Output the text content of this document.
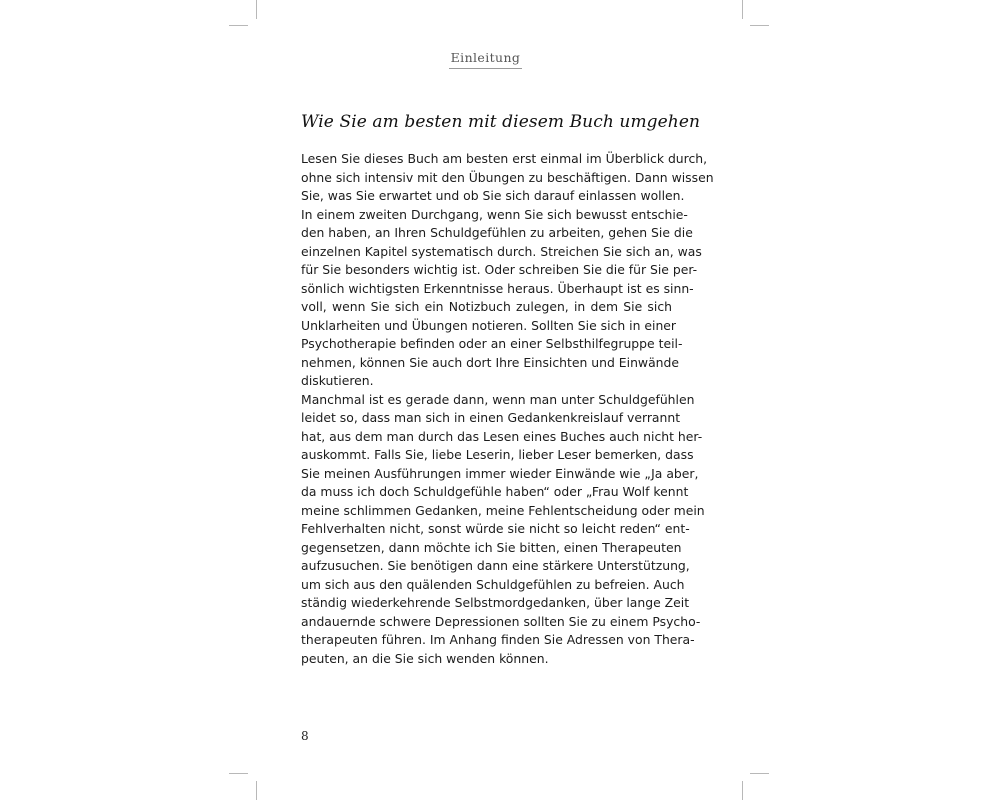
Einleitung
Wie Sie am besten mit diesem Buch umgehen
Lesen Sie dieses Buch am besten erst einmal im Überblick durch,
ohne sich intensiv mit den Übungen zu beschäftigen. Dann wissen
Sie, was Sie erwartet und ob Sie sich darauf einlassen wollen.
In einem zweiten Durchgang, wenn Sie sich bewusst entschie-
den haben, an Ihren Schuldgefühlen zu arbeiten, gehen Sie die
einzelnen Kapitel systematisch durch. Streichen Sie sich an, was
für Sie besonders wichtig ist. Oder schreiben Sie die für Sie per-
sönlich wichtigsten Erkenntnisse heraus. Überhaupt ist es sinn-
voll, wenn Sie sich ein Notizbuch zulegen, in dem Sie sich
Unklarheiten und Übungen notieren. Sollten Sie sich in einer
Psychotherapie befinden oder an einer Selbsthilfegruppe teil-
nehmen, können Sie auch dort Ihre Einsichten und Einwände
diskutieren.
Manchmal ist es gerade dann, wenn man unter Schuldgefühlen
leidet so, dass man sich in einen Gedankenkreislauf verrannt
hat, aus dem man durch das Lesen eines Buches auch nicht her-
auskommt. Falls Sie, liebe Leserin, lieber Leser bemerken, dass
Sie meinen Ausführungen immer wieder Einwände wie „Ja aber,
da muss ich doch Schuldgefühle haben“ oder „Frau Wolf kennt
meine schlimmen Gedanken, meine Fehlentscheidung oder mein
Fehlverhalten nicht, sonst würde sie nicht so leicht reden“ ent-
gegensetzen, dann möchte ich Sie bitten, einen Therapeuten
aufzusuchen. Sie benötigen dann eine stärkere Unterstützung,
um sich aus den quälenden Schuldgefühlen zu befreien. Auch
ständig wiederkehrende Selbstmordgedanken, über lange Zeit
andauernde schwere Depressionen sollten Sie zu einem Psycho-
therapeuten führen. Im Anhang finden Sie Adressen von Thera-
peuten, an die Sie sich wenden können.
8
